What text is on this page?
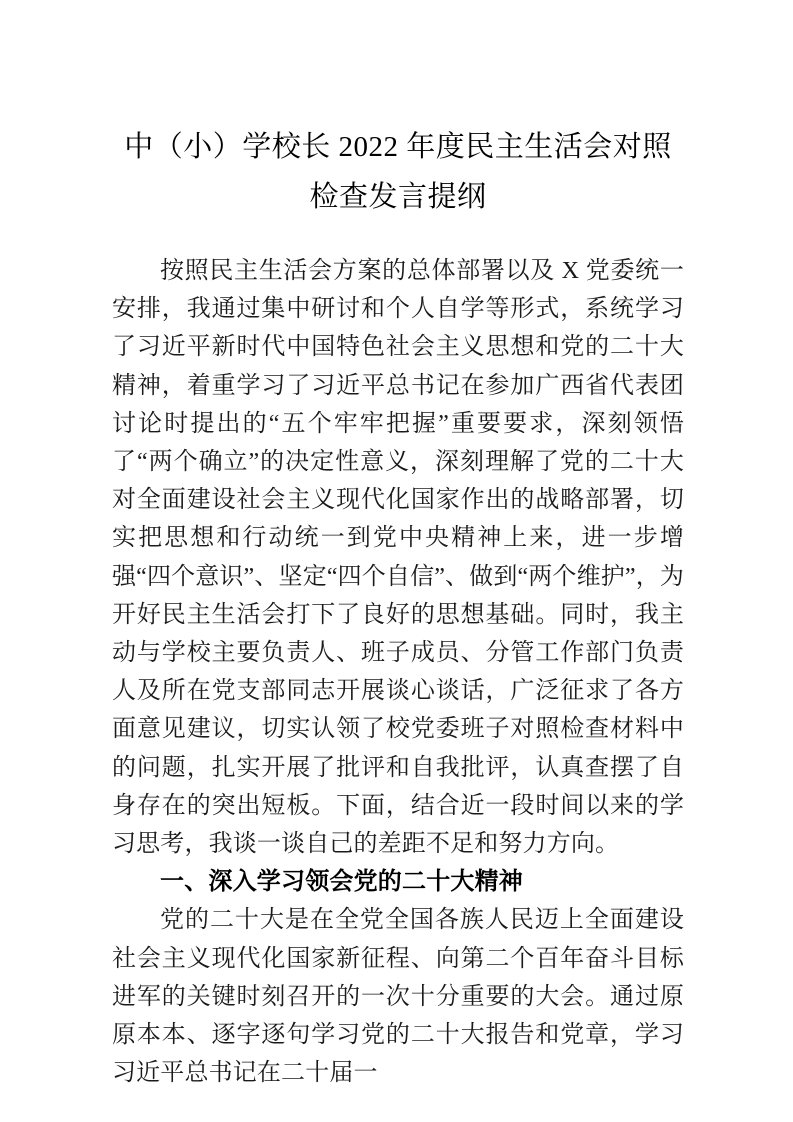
中（小）学校长 2022 年度民主生活会对照
检查发言提纲

按照民主生活会方案的总体部署以及 X 党委统一安排，我通过集中研讨和个人自学等形式，系统学习了习近平新时代中国特色社会主义思想和党的二十大精神，着重学习了习近平总书记在参加广西省代表团讨论时提出的“五个牢牢把握”重要要求，深刻领悟了“两个确立”的决定性意义，深刻理解了党的二十大对全面建设社会主义现代化国家作出的战略部署，切实把思想和行动统一到党中央精神上来，进一步增强“四个意识”、坚定“四个自信”、做到“两个维护”，为开好民主生活会打下了良好的思想基础。同时，我主动与学校主要负责人、班子成员、分管工作部门负责人及所在党支部同志开展谈心谈话，广泛征求了各方面意见建议，切实认领了校党委班子对照检查材料中的问题，扎实开展了批评和自我批评，认真查摆了自身存在的突出短板。下面，结合近一段时间以来的学习思考，我谈一谈自己的差距不足和努力方向。

一、深入学习领会党的二十大精神

党的二十大是在全党全国各族人民迈上全面建设社会主义现代化国家新征程、向第二个百年奋斗目标进军的关键时刻召开的一次十分重要的大会。通过原原本本、逐字逐句学习党的二十大报告和党章，学习习近平总书记在二十届一
